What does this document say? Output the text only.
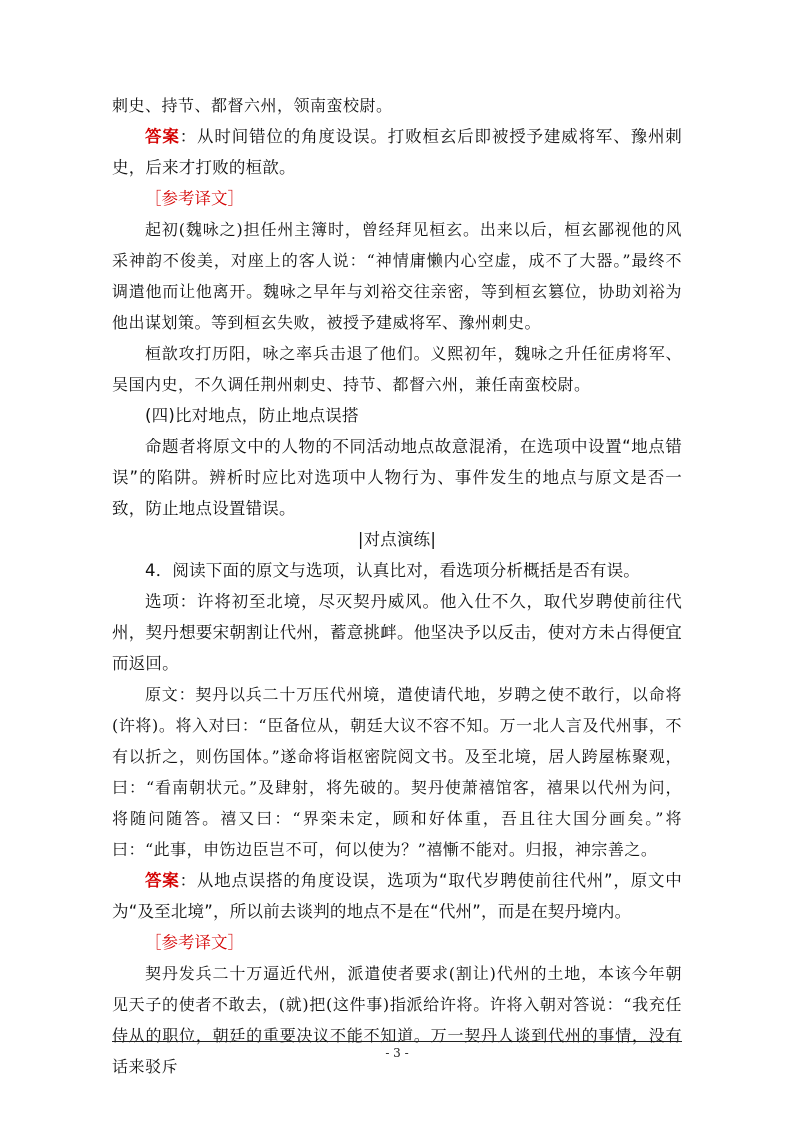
刺史、持节、都督六州，领南蛮校尉。

答案：从时间错位的角度设误。打败桓玄后即被授予建威将军、豫州刺史，后来才打败的桓歆。

［参考译文］

起初(魏咏之)担任州主簿时，曾经拜见桓玄。出来以后，桓玄鄙视他的风采神韵不俊美，对座上的客人说：“神情庸懒内心空虚，成不了大器。”最终不调遣他而让他离开。魏咏之早年与刘裕交往亲密，等到桓玄篡位，协助刘裕为他出谋划策。等到桓玄失败，被授予建威将军、豫州刺史。

桓歆攻打历阳，咏之率兵击退了他们。义熙初年，魏咏之升任征虏将军、吴国内史，不久调任荆州刺史、持节、都督六州，兼任南蛮校尉。

(四)比对地点，防止地点误搭

命题者将原文中的人物的不同活动地点故意混淆，在选项中设置“地点错误”的陷阱。辨析时应比对选项中人物行为、事件发生的地点与原文是否一致，防止地点设置错误。

|对点演练|

4．阅读下面的原文与选项，认真比对，看选项分析概括是否有误。

选项：许将初至北境，尽灭契丹威风。他入仕不久，取代岁聘使前往代州，契丹想要宋朝割让代州，蓄意挑衅。他坚决予以反击，使对方未占得便宜而返回。

原文：契丹以兵二十万压代州境，遣使请代地，岁聘之使不敢行，以命将(许将)。将入对曰：“臣备位从，朝廷大议不容不知。万一北人言及代州事，不有以折之，则伤国体。”遂命将诣枢密院阅文书。及至北境，居人跨屋栋聚观，曰：“看南朝状元。”及肆射，将先破的。契丹使萧禧馆客，禧果以代州为问，将随问随答。禧又曰：“界栾未定，顾和好体重，吾且往大国分画矣。”将曰：“此事，申饬边臣岂不可，何以使为？”禧慚不能对。归报，神宗善之。

答案：从地点误搭的角度设误，选项为“取代岁聘使前往代州”，原文中为“及至北境”，所以前去谈判的地点不是在“代州”，而是在契丹境内。

［参考译文］

契丹发兵二十万逼近代州，派遣使者要求(割让)代州的土地，本该今年朝见天子的使者不敢去，(就)把(这件事)指派给许将。许将入朝对答说：“我充任侍从的职位，朝廷的重要决议不能不知道。万一契丹人谈到代州的事情，没有话来驳斥

- 3 -
